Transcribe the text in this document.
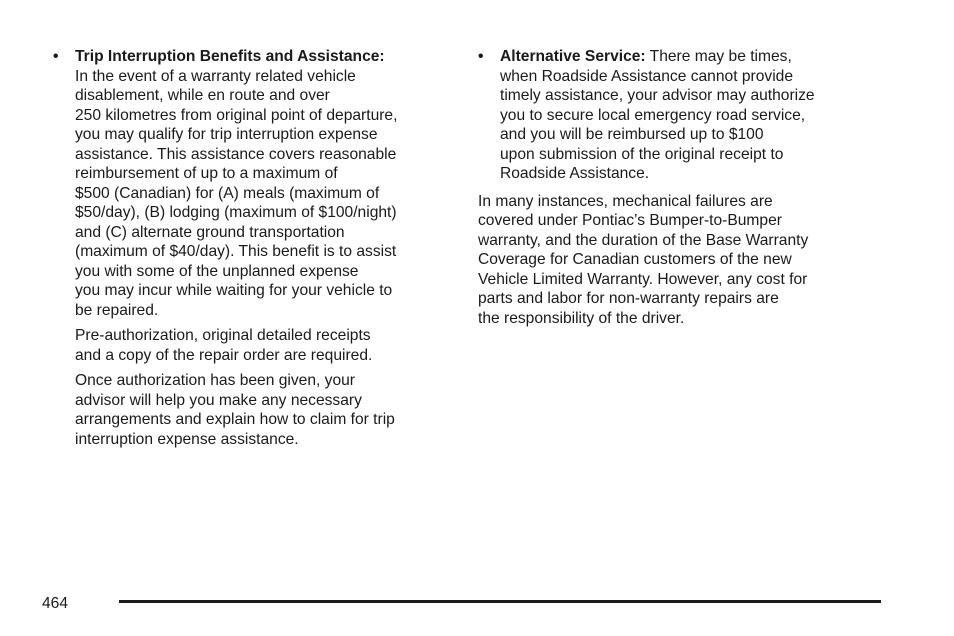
• Trip Interruption Benefits and Assistance:
In the event of a warranty related vehicle
disablement, while en route and over
250 kilometres from original point of departure,
you may qualify for trip interruption expense
assistance. This assistance covers reasonable
reimbursement of up to a maximum of
$500 (Canadian) for (A) meals (maximum of
$50/day), (B) lodging (maximum of $100/night)
and (C) alternate ground transportation
(maximum of $40/day). This benefit is to assist
you with some of the unplanned expense
you may incur while waiting for your vehicle to
be repaired.

Pre-authorization, original detailed receipts
and a copy of the repair order are required.

Once authorization has been given, your
advisor will help you make any necessary
arrangements and explain how to claim for trip
interruption expense assistance.

• Alternative Service: There may be times,
when Roadside Assistance cannot provide
timely assistance, your advisor may authorize
you to secure local emergency road service,
and you will be reimbursed up to $100
upon submission of the original receipt to
Roadside Assistance.

In many instances, mechanical failures are
covered under Pontiac’s Bumper-to-Bumper
warranty, and the duration of the Base Warranty
Coverage for Canadian customers of the new
Vehicle Limited Warranty. However, any cost for
parts and labor for non-warranty repairs are
the responsibility of the driver.

464
